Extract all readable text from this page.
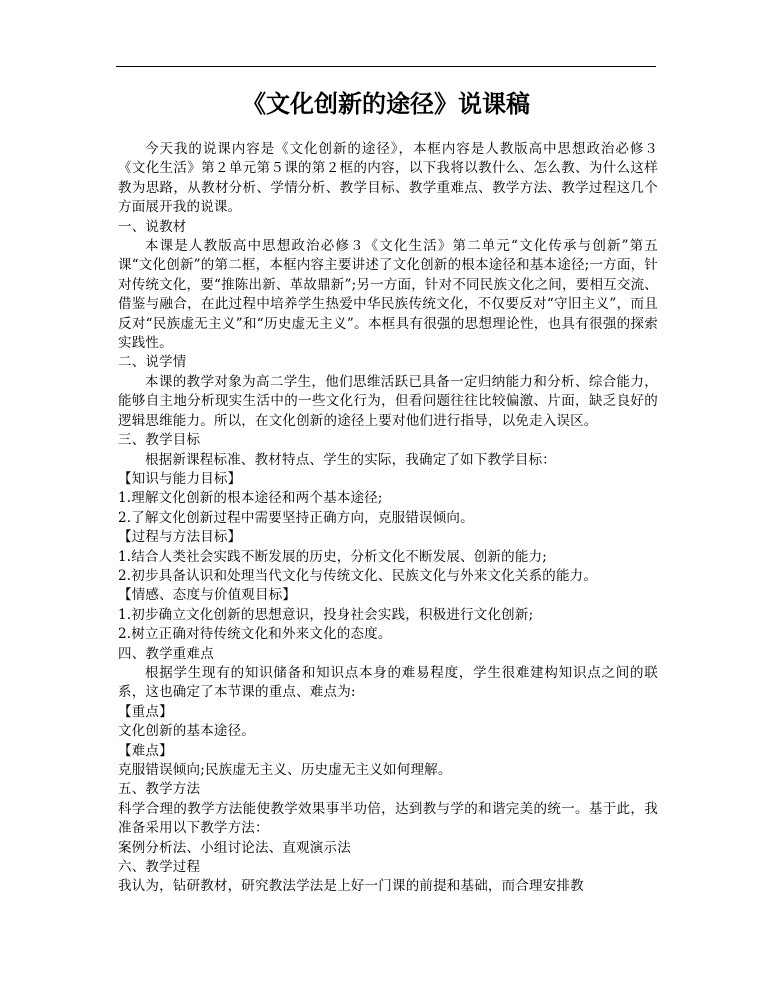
《文化创新的途径》说课稿

今天我的说课内容是《文化创新的途径》，本框内容是人教版高中思想政治必修３《文化生活》第２单元第５课的第２框的内容，以下我将以教什么、怎么教、为什么这样教为思路，从教材分析、学情分析、教学目标、教学重难点、教学方法、教学过程这几个方面展开我的说课。

一、说教材

本课是人教版高中思想政治必修３《文化生活》第二单元“文化传承与创新”第五课“文化创新”的第二框，本框内容主要讲述了文化创新的根本途径和基本途径;一方面，针对传统文化，要“推陈出新、革故鼎新”;另一方面，针对不同民族文化之间，要相互交流、借鉴与融合，在此过程中培养学生热爱中华民族传统文化，不仅要反对“守旧主义”，而且反对“民族虚无主义”和“历史虚无主义”。本框具有很强的思想理论性，也具有很强的探索实践性。

二、说学情

本课的教学对象为高二学生，他们思维活跃已具备一定归纳能力和分析、综合能力，能够自主地分析现实生活中的一些文化行为，但看问题往往比较偏激、片面，缺乏良好的逻辑思维能力。所以，在文化创新的途径上要对他们进行指导，以免走入误区。

三、教学目标

根据新课程标准、教材特点、学生的实际，我确定了如下教学目标：

【知识与能力目标】

1.理解文化创新的根本途径和两个基本途径;

2.了解文化创新过程中需要坚持正确方向，克服错误倾向。

【过程与方法目标】

1.结合人类社会实践不断发展的历史，分析文化不断发展、创新的能力;

2.初步具备认识和处理当代文化与传统文化、民族文化与外来文化关系的能力。

【情感、态度与价值观目标】

1.初步确立文化创新的思想意识，投身社会实践，积极进行文化创新;

2.树立正确对待传统文化和外来文化的态度。

四、教学重难点

根据学生现有的知识储备和知识点本身的难易程度，学生很难建构知识点之间的联系，这也确定了本节课的重点、难点为:

【重点】

文化创新的基本途径。

【难点】

克服错误倾向;民族虚无主义、历史虚无主义如何理解。

五、教学方法

科学合理的教学方法能使教学效果事半功倍，达到教与学的和谐完美的统一。基于此，我准备采用以下教学方法：

案例分析法、小组讨论法、直观演示法

六、教学过程

我认为，钻研教材，研究教法学法是上好一门课的前提和基础，而合理安排教
